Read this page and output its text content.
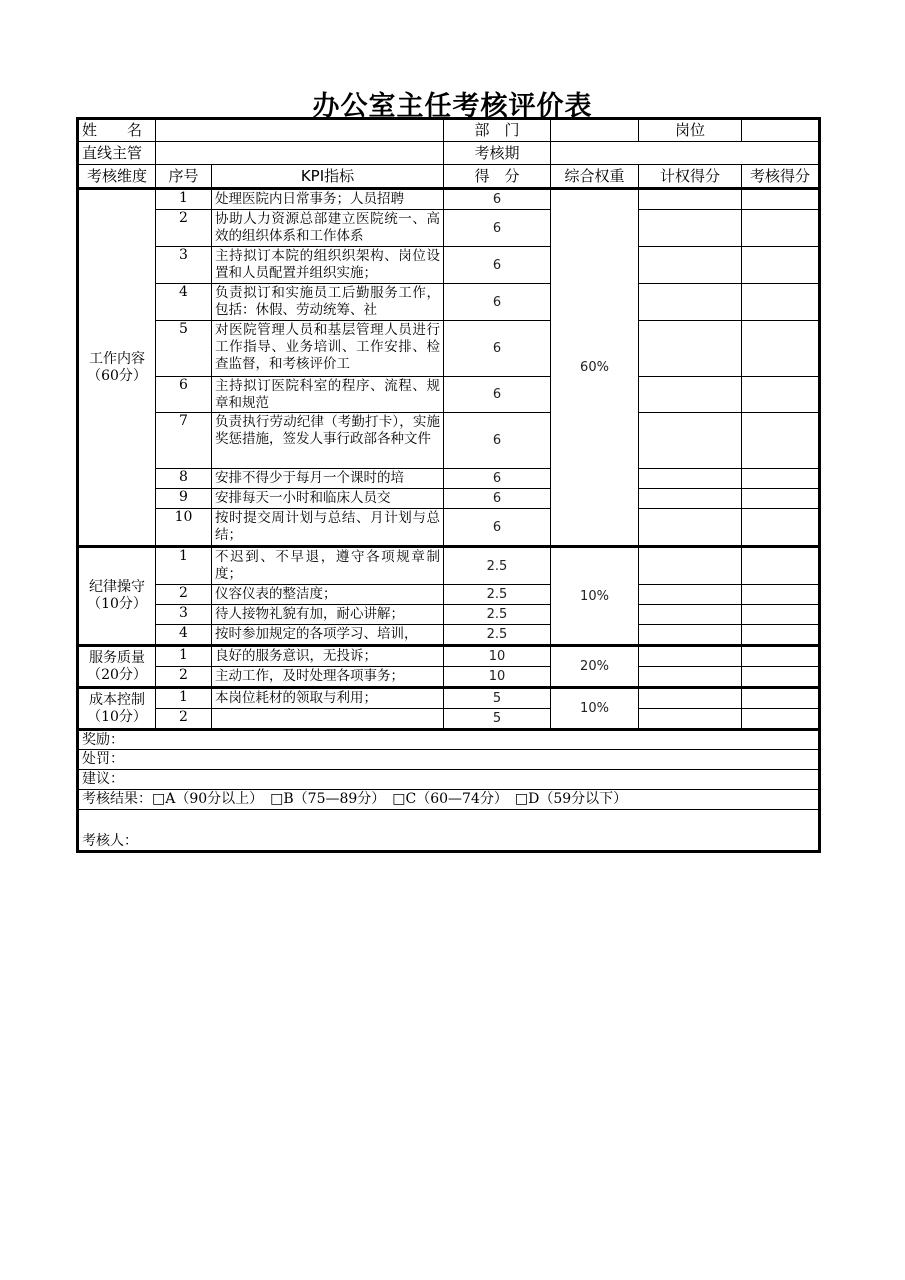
办公室主任考核评价表
姓　　名			部　门		岗位	
直线主管			考核期			
考核维度	序号	KPI指标	得　分	综合权重	计权得分	考核得分
工作内容
（60分）	1	处理医院内日常事务；人员招聘	6	60%		
	2	协助人力资源总部建立医院统一、高效的组织体系和工作体系	6			
	3	主持拟订本院的组织织架构、岗位设置和人员配置并组织实施；	6			
	4	负责拟订和实施员工后勤服务工作，包括：休假、劳动统筹、社	6			
	5	对医院管理人员和基层管理人员进行工作指导、业务培训、工作安排、检查监督，和考核评价工	6			
	6	主持拟订医院科室的程序、流程、规章和规范	6			
	7	负责执行劳动纪律（考勤打卡），实施奖惩措施，签发人事行政部各种文件	6			
	8	安排不得少于每月一个课时的培	6			
	9	安排每天一小时和临床人员交	6			
	10	按时提交周计划与总结、月计划与总结；	6			
纪律操守
（10分）	1	不迟到、不早退，遵守各项规章制度；	2.5	10%		
	2	仪容仪表的整洁度；	2.5			
	3	待人接物礼貌有加，耐心讲解；	2.5			
	4	按时参加规定的各项学习、培训，	2.5			
服务质量
（20分）	1	良好的服务意识，无投诉；	10	20%		
	2	主动工作，及时处理各项事务；	10			
成本控制
（10分）	1	本岗位耗材的领取与利用；	5	10%		
	2		5			
奖励：						
处罚：						
建议：						
考核结果：□A（90分以上）　□B（75—89分）　□C（60—74分）　□D（59分以下）						
考核人：						
